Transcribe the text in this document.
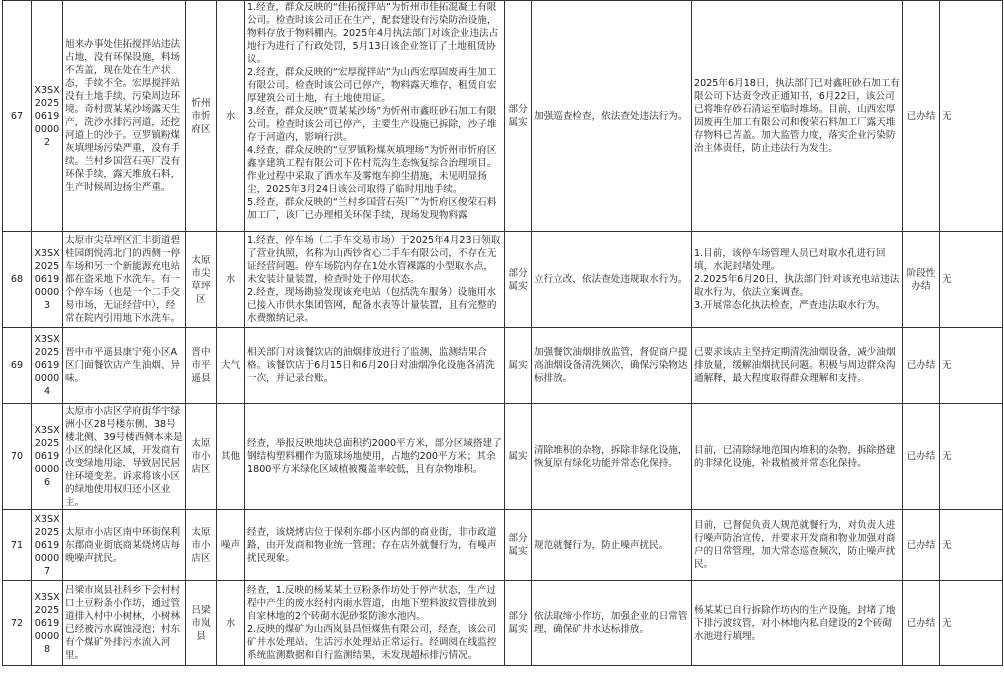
67	X3SX2025061900002	旭来办事处佳拓搅拌站违法占地，没有环保设施，料场不苫盖，现在处在生产状态，手续不全。宏厚搅拌站没有土地手续，污染周边环境。奇村贾某某沙场露天生产，洗沙水排污河道，还挖河道上的沙子。豆罗镇粉煤灰填埋场污染严重，没有手续。兰村乡国营石英厂没有环保手续，露天堆放石料，生产时候周边扬尘严重。	忻州市忻府区	水	1.经查，群众反映的“佳拓搅拌站”为忻州市佳拓混凝土有限公司。检查时该公司正在生产，配套建设有污染防治设施，物料存放于物料棚内。2025年4月执法部门对该企业违法占地行为进行了行政处罚，5月13日该企业签订了土地租赁协议。
2.经查，群众反映的“宏厚搅拌站”为山西宏厚固废再生加工有限公司。检查时该公司已停产，物料露天堆存，租赁自宏厚建筑公司土地，有土地使用证。
3.经查，群众反映“贾某某沙场”为忻州市鑫旺砂石加工有限公司。检查时该公司已停产，主要生产设施已拆除，沙子堆存于河道内，影响行洪。
4.经查，群众反映的“豆罗镇粉煤灰填埋场”为忻州市忻府区鑫享建筑工程有限公司下佐村荒沟生态恢复综合治理项目。作业过程中采取了洒水车及雾炮车抑尘措施，未见明显扬尘，2025年3月24日该公司取得了临时用地手续。
5.经查，群众反映的“兰村乡国营石英厂”为忻府区俊荣石料加工厂，该厂已办理相关环保手续，现场发现物料露	部分属实	加强巡查检查，依法查处违法行为。	2025年6月18日，执法部门已对鑫旺砂石加工有限公司下达责令改正通知书，6月22日，该公司已将堆存砂石清运至临时堆场。目前，山西宏厚固废再生加工有限公司和俊荣石料加工厂露天堆存物料已苫盖。加大监管力度，落实企业污染防治主体责任，防止违法行为发生。	已办结	无
68	X3SX2025061900003	太原市尖草坪区汇丰街道碧桂园朗悦湾北门的西侧一停车场和另一个新能源充电站都在盗采地下水洗车。有一个停车场（也是一个二手交易市场，无证经营中），经常在院内引用地下水洗车。	太原市尖草坪区	水	1.经查，停车场（二手车交易市场）于2025年4月23日领取了营业执照，名称为山西钞省心二手车有限公司，不存在无证经营问题。停车场院内存在1处水管裸露的小型取水点，未安装计量装置，检查时处于停用状态。
2.经查，现场勘验发现该充电站（包括洗车服务）设施用水已接入市供水集团管网，配备水表等计量装置，且有完整的水费缴纳记录。	部分属实	立行立改，依法查处违规取水行为。	1.目前，该停车场管理人员已对取水孔进行回填，水泥封堵处理。
2.2025年6月20日，执法部门针对该充电站违法取水行为，依法立案调查。
3.开展常态化执法检查，严查违法取水行为。	阶段性办结	无
69	X3SX2025061900004	晋中市平遥县康宁苑小区A区门面餐饮店产生油烟、异味。	晋中市平遥县	大气	相关部门对该餐饮店的油烟排放进行了监测，监测结果合格。该餐饮店于6月15日和6月20日对油烟净化设施各清洗一次，并记录台账。	属实	加强餐饮油烟排放监管，督促商户提高油烟设备清洗频次，确保污染物达标排放。	已要求该店主坚持定期清洗油烟设备，减少油烟排放量，缓解油烟扰民问题。积极与周边群众沟通解释，最大程度取得群众理解和支持。	已办结	无
70	X3SX2025061900006	太原市小店区学府街华宇绿洲小区28号楼东侧、38号楼北侧、39号楼西侧本来是小区的绿化区域，开发商有改变绿地用途，导致居民居住环境变差。诉求将该小区的绿地使用权归还小区业主。	太原市小店区	其他	经查，举报反映地块总面积约2000平方米，部分区域搭建了钢结构塑料棚作为篮球场地使用，占地约200平方米；其余1800平方米绿化区域植被覆盖率较低，且有杂物堆积。	属实	清除堆积的杂物，拆除非绿化设施，恢复原有绿化功能并常态化保持。	目前，已清除绿地范围内堆积的杂物，拆除搭建的非绿化设施，补栽植被并常态化保持。	已办结	无
71	X3SX2025061900007	太原市小店区南中环街保利东郡商业街底商某烧烤店每晚噪声扰民。	太原市小店区	噪声	经查，该烧烤店位于保利东郡小区内部的商业街，非市政道路，由开发商和物业统一管理；存在店外就餐行为，有噪声扰民现象。	部分属实	规范就餐行为，防止噪声扰民。	目前，已督促负责人规范就餐行为，对负责人进行噪声防治宣传，并要求开发商和物业加强对商户的日常管理，加大常态巡查频次，防止噪声扰民。	已办结	无
72	X3SX2025061900008	吕梁市岚县社科乡下会村村口土豆粉条小作坊，通过管道排入村中小树林，小树林已经被污水腐蚀浸泡；村东有个煤矿外排污水流入河里。	吕梁市岚县	水	经查，1.反映的杨某某土豆粉条作坊处于停产状态，生产过程中产生的废水经村内雨水管道，由地下塑料波纹管排放到自家林地的2个砖砌水泥砂浆防渗水池内。
2.反映的煤矿为山西岚县昌恒煤焦有限公司，经查，该公司矿井水处理站、生活污水处理站正常运行。经调阅在线监控系统监测数据和自行监测结果，未发现超标排污情况。	部分属实	依法取缔小作坊，加强企业的日常管理，确保矿井水达标排放。	杨某某已自行拆除作坊内的生产设施，封堵了地下排污波纹管，对小林地内私自建设的2个砖砌水池进行填埋。	已办结	无
